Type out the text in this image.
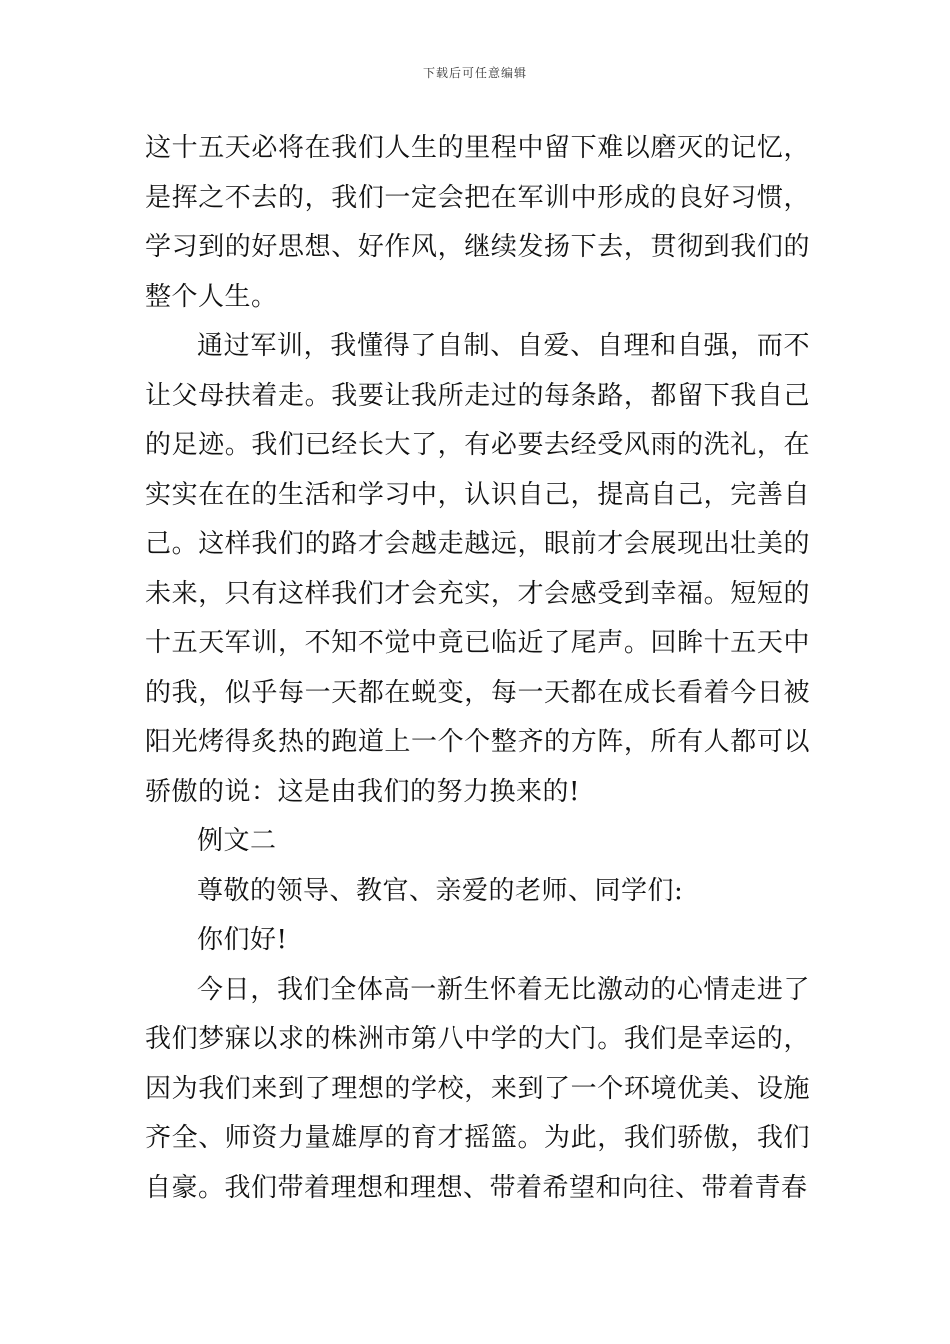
下载后可任意编辑

这十五天必将在我们人生的里程中留下难以磨灭的记忆，是挥之不去的，我们一定会把在军训中形成的良好习惯，学习到的好思想、好作风，继续发扬下去，贯彻到我们的整个人生。

通过军训，我懂得了自制、自爱、自理和自强，而不让父母扶着走。我要让我所走过的每条路，都留下我自己的足迹。我们已经长大了，有必要去经受风雨的洗礼，在实实在在的生活和学习中，认识自己，提高自己，完善自己。这样我们的路才会越走越远，眼前才会展现出壮美的未来，只有这样我们才会充实，才会感受到幸福。短短的十五天军训，不知不觉中竟已临近了尾声。回眸十五天中的我，似乎每一天都在蜕变，每一天都在成长看着今日被阳光烤得炙热的跑道上一个个整齐的方阵，所有人都可以骄傲的说：这是由我们的努力换来的!

例文二

尊敬的领导、教官、亲爱的老师、同学们:

你们好!

今日，我们全体高一新生怀着无比激动的心情走进了我们梦寐以求的株洲市第八中学的大门。我们是幸运的，因为我们来到了理想的学校，来到了一个环境优美、设施齐全、师资力量雄厚的育才摇篮。为此，我们骄傲，我们自豪。我们带着理想和理想、带着希望和向往、带着青春
